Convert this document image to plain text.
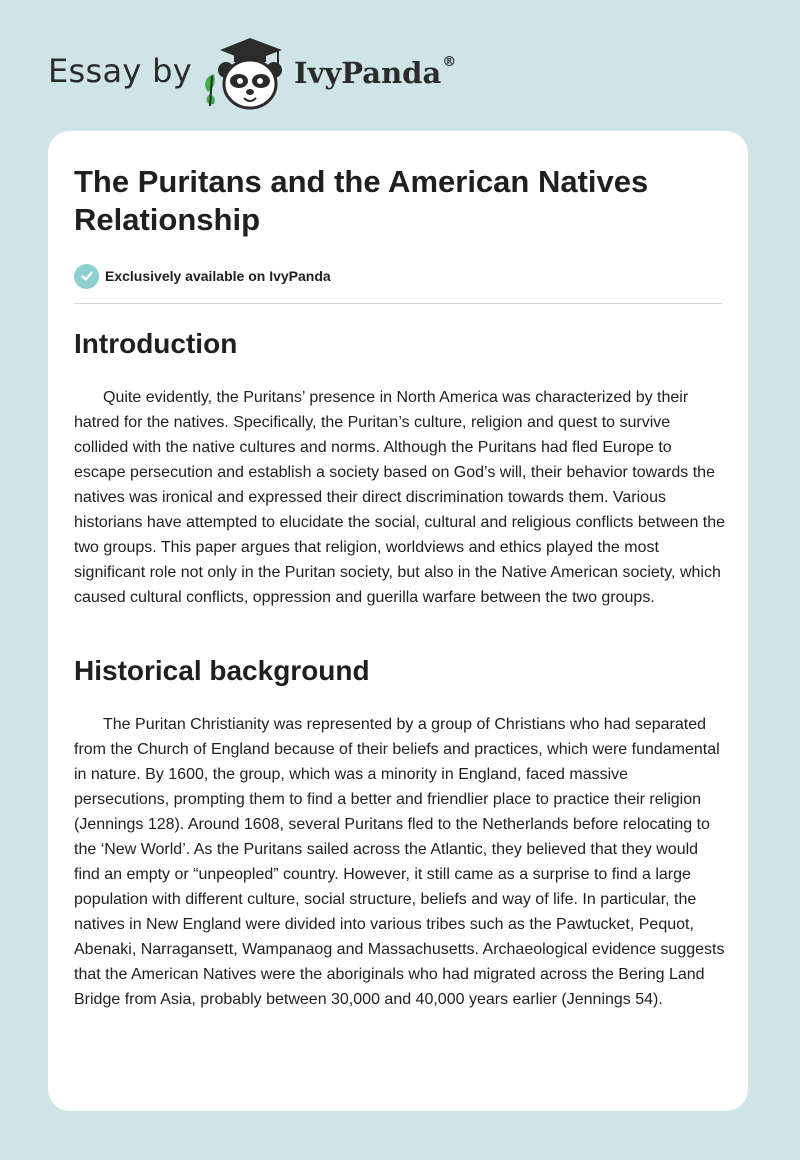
Essay by	IvyPanda®
The Puritans and the American Natives Relationship
Exclusively available on IvyPanda
Introduction

Quite evidently, the Puritans’ presence in North America was characterized by their hatred for the natives. Specifically, the Puritan’s culture, religion and quest to survive collided with the native cultures and norms. Although the Puritans had fled Europe to escape persecution and establish a society based on God’s will, their behavior towards the natives was ironical and expressed their direct discrimination towards them. Various historians have attempted to elucidate the social, cultural and religious conflicts between the two groups. This paper argues that religion, worldviews and ethics played the most significant role not only in the Puritan society, but also in the Native American society, which caused cultural conflicts, oppression and guerilla warfare between the two groups.

Historical background

The Puritan Christianity was represented by a group of Christians who had separated from the Church of England because of their beliefs and practices, which were fundamental in nature. By 1600, the group, which was a minority in England, faced massive persecutions, prompting them to find a better and friendlier place to practice their religion (Jennings 128). Around 1608, several Puritans fled to the Netherlands before relocating to the ‘New World’. As the Puritans sailed across the Atlantic, they believed that they would find an empty or “unpeopled” country. However, it still came as a surprise to find a large population with different culture, social structure, beliefs and way of life. In particular, the natives in New England were divided into various tribes such as the Pawtucket, Pequot, Abenaki, Narragansett, Wampanaog and Massachusetts. Archaeological evidence suggests that the American Natives were the aboriginals who had migrated across the Bering Land Bridge from Asia, probably between 30,000 and 40,000 years earlier (Jennings 54).
